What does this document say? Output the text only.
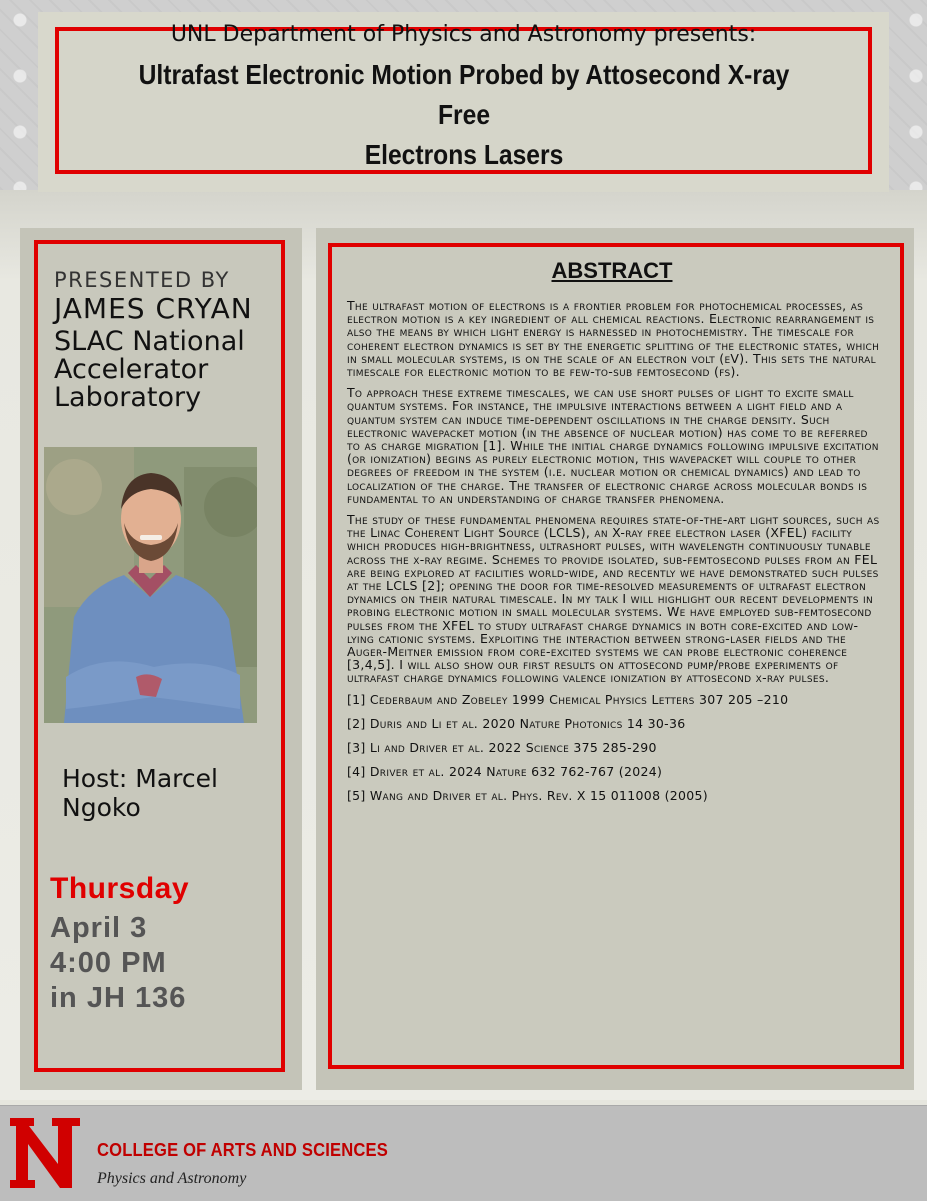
UNL Department of Physics and Astronomy presents:
Ultrafast Electronic Motion Probed by Attosecond X-ray Free
Electrons Lasers
PRESENTED BY
JAMES CRYAN
SLAC National Accelerator Laboratory
Host: Marcel Ngoko
Thursday
April 3
4:00 PM
in JH 136
ABSTRACT

The ultrafast motion of electrons is a frontier problem for photochemical processes, as electron motion is a key ingredient of all chemical reactions. Electronic rearrangement is also the means by which light energy is harnessed in photochemistry. The timescale for coherent electron dynamics is set by the energetic splitting of the electronic states, which in small molecular systems, is on the scale of an electron volt (eV). This sets the natural timescale for electronic motion to be few-to-sub femtosecond (fs).

To approach these extreme timescales, we can use short pulses of light to excite small quantum systems. For instance, the impulsive interactions between a light field and a quantum system can induce time-dependent oscillations in the charge density. Such electronic wavepacket motion (in the absence of nuclear motion) has come to be referred to as charge migration [1]. While the initial charge dynamics following impulsive excitation (or ionization) begins as purely electronic motion, this wavepacket will couple to other degrees of freedom in the system (i.e. nuclear motion or chemical dynamics) and lead to localization of the charge. The transfer of electronic charge across molecular bonds is fundamental to an understanding of charge transfer phenomena.

The study of these fundamental phenomena requires state-of-the-art light sources, such as the Linac Coherent Light Source (LCLS), an X-ray free electron laser (XFEL) facility which produces high-brightness, ultrashort pulses, with wavelength continuously tunable across the x-ray regime. Schemes to provide isolated, sub-femtosecond pulses from an FEL are being explored at facilities world-wide, and recently we have demonstrated such pulses at the LCLS [2]; opening the door for time-resolved measurements of ultrafast electron dynamics on their natural timescale. In my talk I will highlight our recent developments in probing electronic motion in small molecular systems. We have employed sub-femtosecond pulses from the XFEL to study ultrafast charge dynamics in both core-excited and low-lying cationic systems. Exploiting the interaction between strong-laser fields and the Auger-Meitner emission from core-excited systems we can probe electronic coherence [3,4,5]. I will also show our first results on attosecond pump/probe experiments of ultrafast charge dynamics following valence ionization by attosecond x-ray pulses.

[1] Cederbaum and Zobeley 1999 Chemical Physics Letters 307 205 –210
[2] Duris and Li et al. 2020 Nature Photonics 14 30-36
[3] Li and Driver et al. 2022 Science 375 285-290
[4] Driver et al. 2024 Nature 632 762-767 (2024)
[5] Wang and Driver et al. Phys. Rev. X 15 011008 (2005)
COLLEGE OF ARTS AND SCIENCES
Physics and Astronomy
